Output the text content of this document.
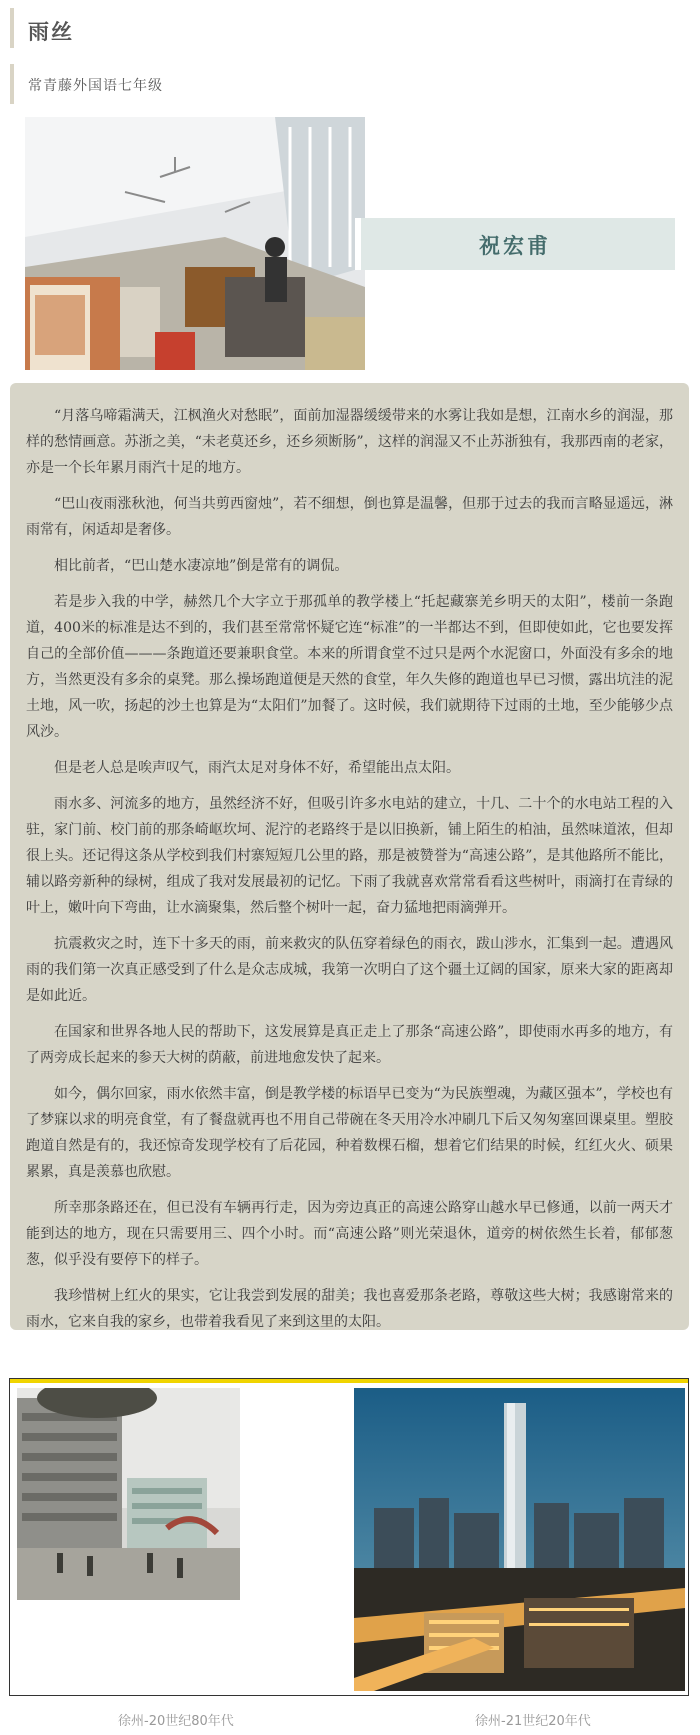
雨丝
常青藤外国语七年级
祝宏甫

“月落乌啼霜满天，江枫渔火对愁眠”，面前加湿器缓缓带来的水雾让我如是想，江南水乡的润湿，那样的愁情画意。苏浙之美，“未老莫还乡，还乡须断肠”，这样的润湿又不止苏浙独有，我那西南的老家，亦是一个长年累月雨汽十足的地方。

“巴山夜雨涨秋池，何当共剪西窗烛”，若不细想，倒也算是温馨，但那于过去的我而言略显遥远，淋雨常有，闲适却是奢侈。

相比前者，“巴山楚水凄凉地”倒是常有的调侃。

若是步入我的中学，赫然几个大字立于那孤单的教学楼上“托起藏寨羌乡明天的太阳”，楼前一条跑道，400米的标准是达不到的，我们甚至常常怀疑它连“标准”的一半都达不到，但即使如此，它也要发挥自己的全部价值———条跑道还要兼职食堂。本来的所谓食堂不过只是两个水泥窗口，外面没有多余的地方，当然更没有多余的桌凳。那么操场跑道便是天然的食堂，年久失修的跑道也早已习惯，露出坑洼的泥土地，风一吹，扬起的沙土也算是为“太阳们”加餐了。这时候，我们就期待下过雨的土地，至少能够少点风沙。

但是老人总是唉声叹气，雨汽太足对身体不好，希望能出点太阳。

雨水多、河流多的地方，虽然经济不好，但吸引许多水电站的建立，十几、二十个的水电站工程的入驻，家门前、校门前的那条崎岖坎坷、泥泞的老路终于是以旧换新，铺上陌生的柏油，虽然味道浓，但却很上头。还记得这条从学校到我们村寨短短几公里的路，那是被赞誉为“高速公路”，是其他路所不能比，辅以路旁新种的绿树，组成了我对发展最初的记忆。下雨了我就喜欢常常看看这些树叶，雨滴打在青绿的叶上，嫩叶向下弯曲，让水滴聚集，然后整个树叶一起，奋力猛地把雨滴弹开。

抗震救灾之时，连下十多天的雨，前来救灾的队伍穿着绿色的雨衣，跋山涉水，汇集到一起。遭遇风雨的我们第一次真正感受到了什么是众志成城，我第一次明白了这个疆土辽阔的国家，原来大家的距离却是如此近。

在国家和世界各地人民的帮助下，这发展算是真正走上了那条“高速公路”，即使雨水再多的地方，有了两旁成长起来的参天大树的荫蔽，前进地愈发快了起来。

如今，偶尔回家，雨水依然丰富，倒是教学楼的标语早已变为“为民族塑魂，为藏区强本”，学校也有了梦寐以求的明亮食堂，有了餐盘就再也不用自己带碗在冬天用冷水冲刷几下后又匆匆塞回课桌里。塑胶跑道自然是有的，我还惊奇发现学校有了后花园，种着数棵石榴，想着它们结果的时候，红红火火、硕果累累，真是羡慕也欣慰。

所幸那条路还在，但已没有车辆再行走，因为旁边真正的高速公路穿山越水早已修通，以前一两天才能到达的地方，现在只需要用三、四个小时。而“高速公路”则光荣退休，道旁的树依然生长着，郁郁葱葱，似乎没有要停下的样子。

我珍惜树上红火的果实，它让我尝到发展的甜美；我也喜爱那条老路，尊敬这些大树；我感谢常来的雨水，它来自我的家乡，也带着我看见了来到这里的太阳。

徐州-20世纪80年代	徐州-21世纪20年代
